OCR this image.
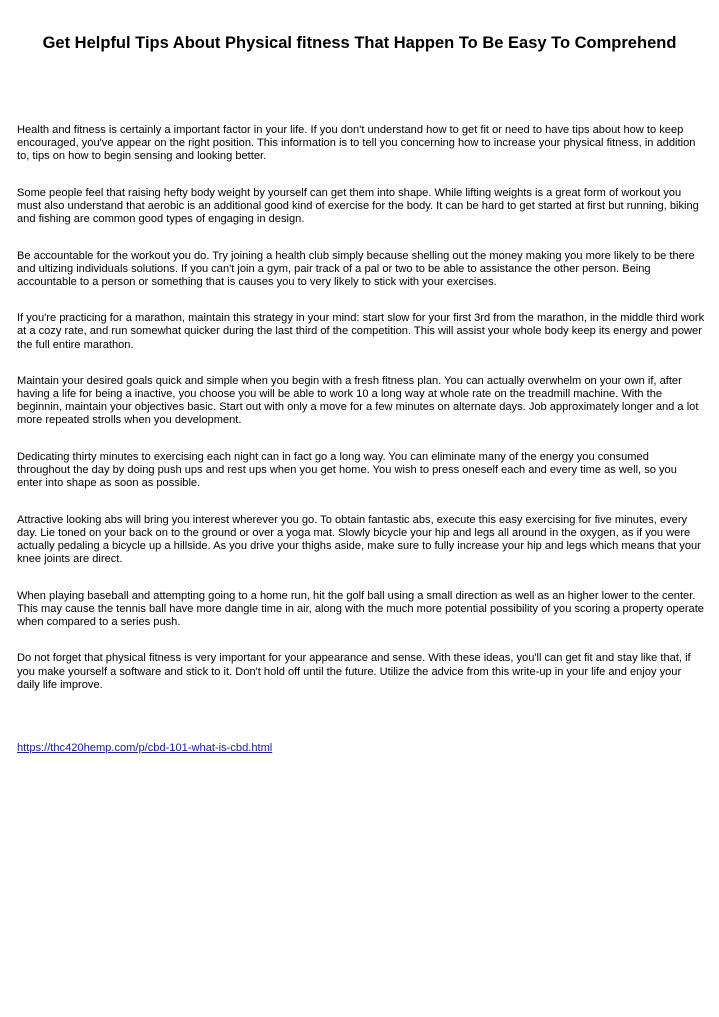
Get Helpful Tips About Physical fitness That Happen To Be Easy To Comprehend

Health and fitness is certainly a important factor in your life. If you don't understand how to get fit or need to have tips about how to keep encouraged, you've appear on the right position. This information is to tell you concerning how to increase your physical fitness, in addition to, tips on how to begin sensing and looking better.

Some people feel that raising hefty body weight by yourself can get them into shape. While lifting weights is a great form of workout you must also understand that aerobic is an additional good kind of exercise for the body. It can be hard to get started at first but running, biking and fishing are common good types of engaging in design.

Be accountable for the workout you do. Try joining a health club simply because shelling out the money making you more likely to be there and ultizing individuals solutions. If you can't join a gym, pair track of a pal or two to be able to assistance the other person. Being accountable to a person or something that is causes you to very likely to stick with your exercises.

If you're practicing for a marathon, maintain this strategy in your mind: start slow for your first 3rd from the marathon, in the middle third work at a cozy rate, and run somewhat quicker during the last third of the competition. This will assist your whole body keep its energy and power the full entire marathon.

Maintain your desired goals quick and simple when you begin with a fresh fitness plan. You can actually overwhelm on your own if, after having a life for being a inactive, you choose you will be able to work 10 a long way at whole rate on the treadmill machine. With the beginnin, maintain your objectives basic. Start out with only a move for a few minutes on alternate days. Job approximately longer and a lot more repeated strolls when you development.

Dedicating thirty minutes to exercising each night can in fact go a long way. You can eliminate many of the energy you consumed throughout the day by doing push ups and rest ups when you get home. You wish to press oneself each and every time as well, so you enter into shape as soon as possible.

Attractive looking abs will bring you interest wherever you go. To obtain fantastic abs, execute this easy exercising for five minutes, every day. Lie toned on your back on to the ground or over a yoga mat. Slowly bicycle your hip and legs all around in the oxygen, as if you were actually pedaling a bicycle up a hillside. As you drive your thighs aside, make sure to fully increase your hip and legs which means that your knee joints are direct.

When playing baseball and attempting going to a home run, hit the golf ball using a small direction as well as an higher lower to the center. This may cause the tennis ball have more dangle time in air, along with the much more potential possibility of you scoring a property operate when compared to a series push.

Do not forget that physical fitness is very important for your appearance and sense. With these ideas, you'll can get fit and stay like that, if you make yourself a software and stick to it. Don't hold off until the future. Utilize the advice from this write-up in your life and enjoy your daily life improve.

https://thc420hemp.com/p/cbd-101-what-is-cbd.html
